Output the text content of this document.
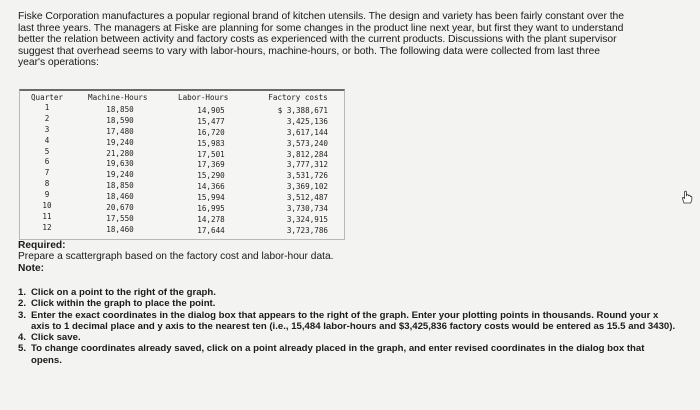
Fiske Corporation manufactures a popular regional brand of kitchen utensils. The design and variety has been fairly constant over the
last three years. The managers at Fiske are planning for some changes in the product line next year, but first they want to understand
better the relation between activity and factory costs as experienced with the current products. Discussions with the plant supervisor
suggest that overhead seems to vary with labor-hours, machine-hours, or both. The following data were collected from last three
year's operations:
Quarter
1
2
3
4
5
6
7
8
9
10
11
12
Machine-Hours
18,850
18,590
17,480
19,240
21,280
19,630
19,240
18,850
18,460
20,670
17,550
18,460
Labor-Hours
14,905
15,477
16,720
15,983
17,501
17,369
15,290
14,366
15,994
16,995
14,278
17,644
Factory costs
$ 3,388,671
3,425,136
3,617,144
3,573,240
3,812,284
3,777,312
3,531,726
3,369,102
3,512,487
3,730,734
3,324,915
3,723,786
Required:
Prepare a scattergraph based on the factory cost and labor-hour data.
Note:
1. Click on a point to the right of the graph.
2. Click within the graph to place the point.
3. Enter the exact coordinates in the dialog box that appears to the right of the graph. Enter your plotting points in thousands. Round your x axis to 1 decimal place and y axis to the nearest ten (i.e., 15,484 labor-hours and $3,425,836 factory costs would be entered as 15.5 and 3430).
4. Click save.
5. To change coordinates already saved, click on a point already placed in the graph, and enter revised coordinates in the dialog box that opens.
